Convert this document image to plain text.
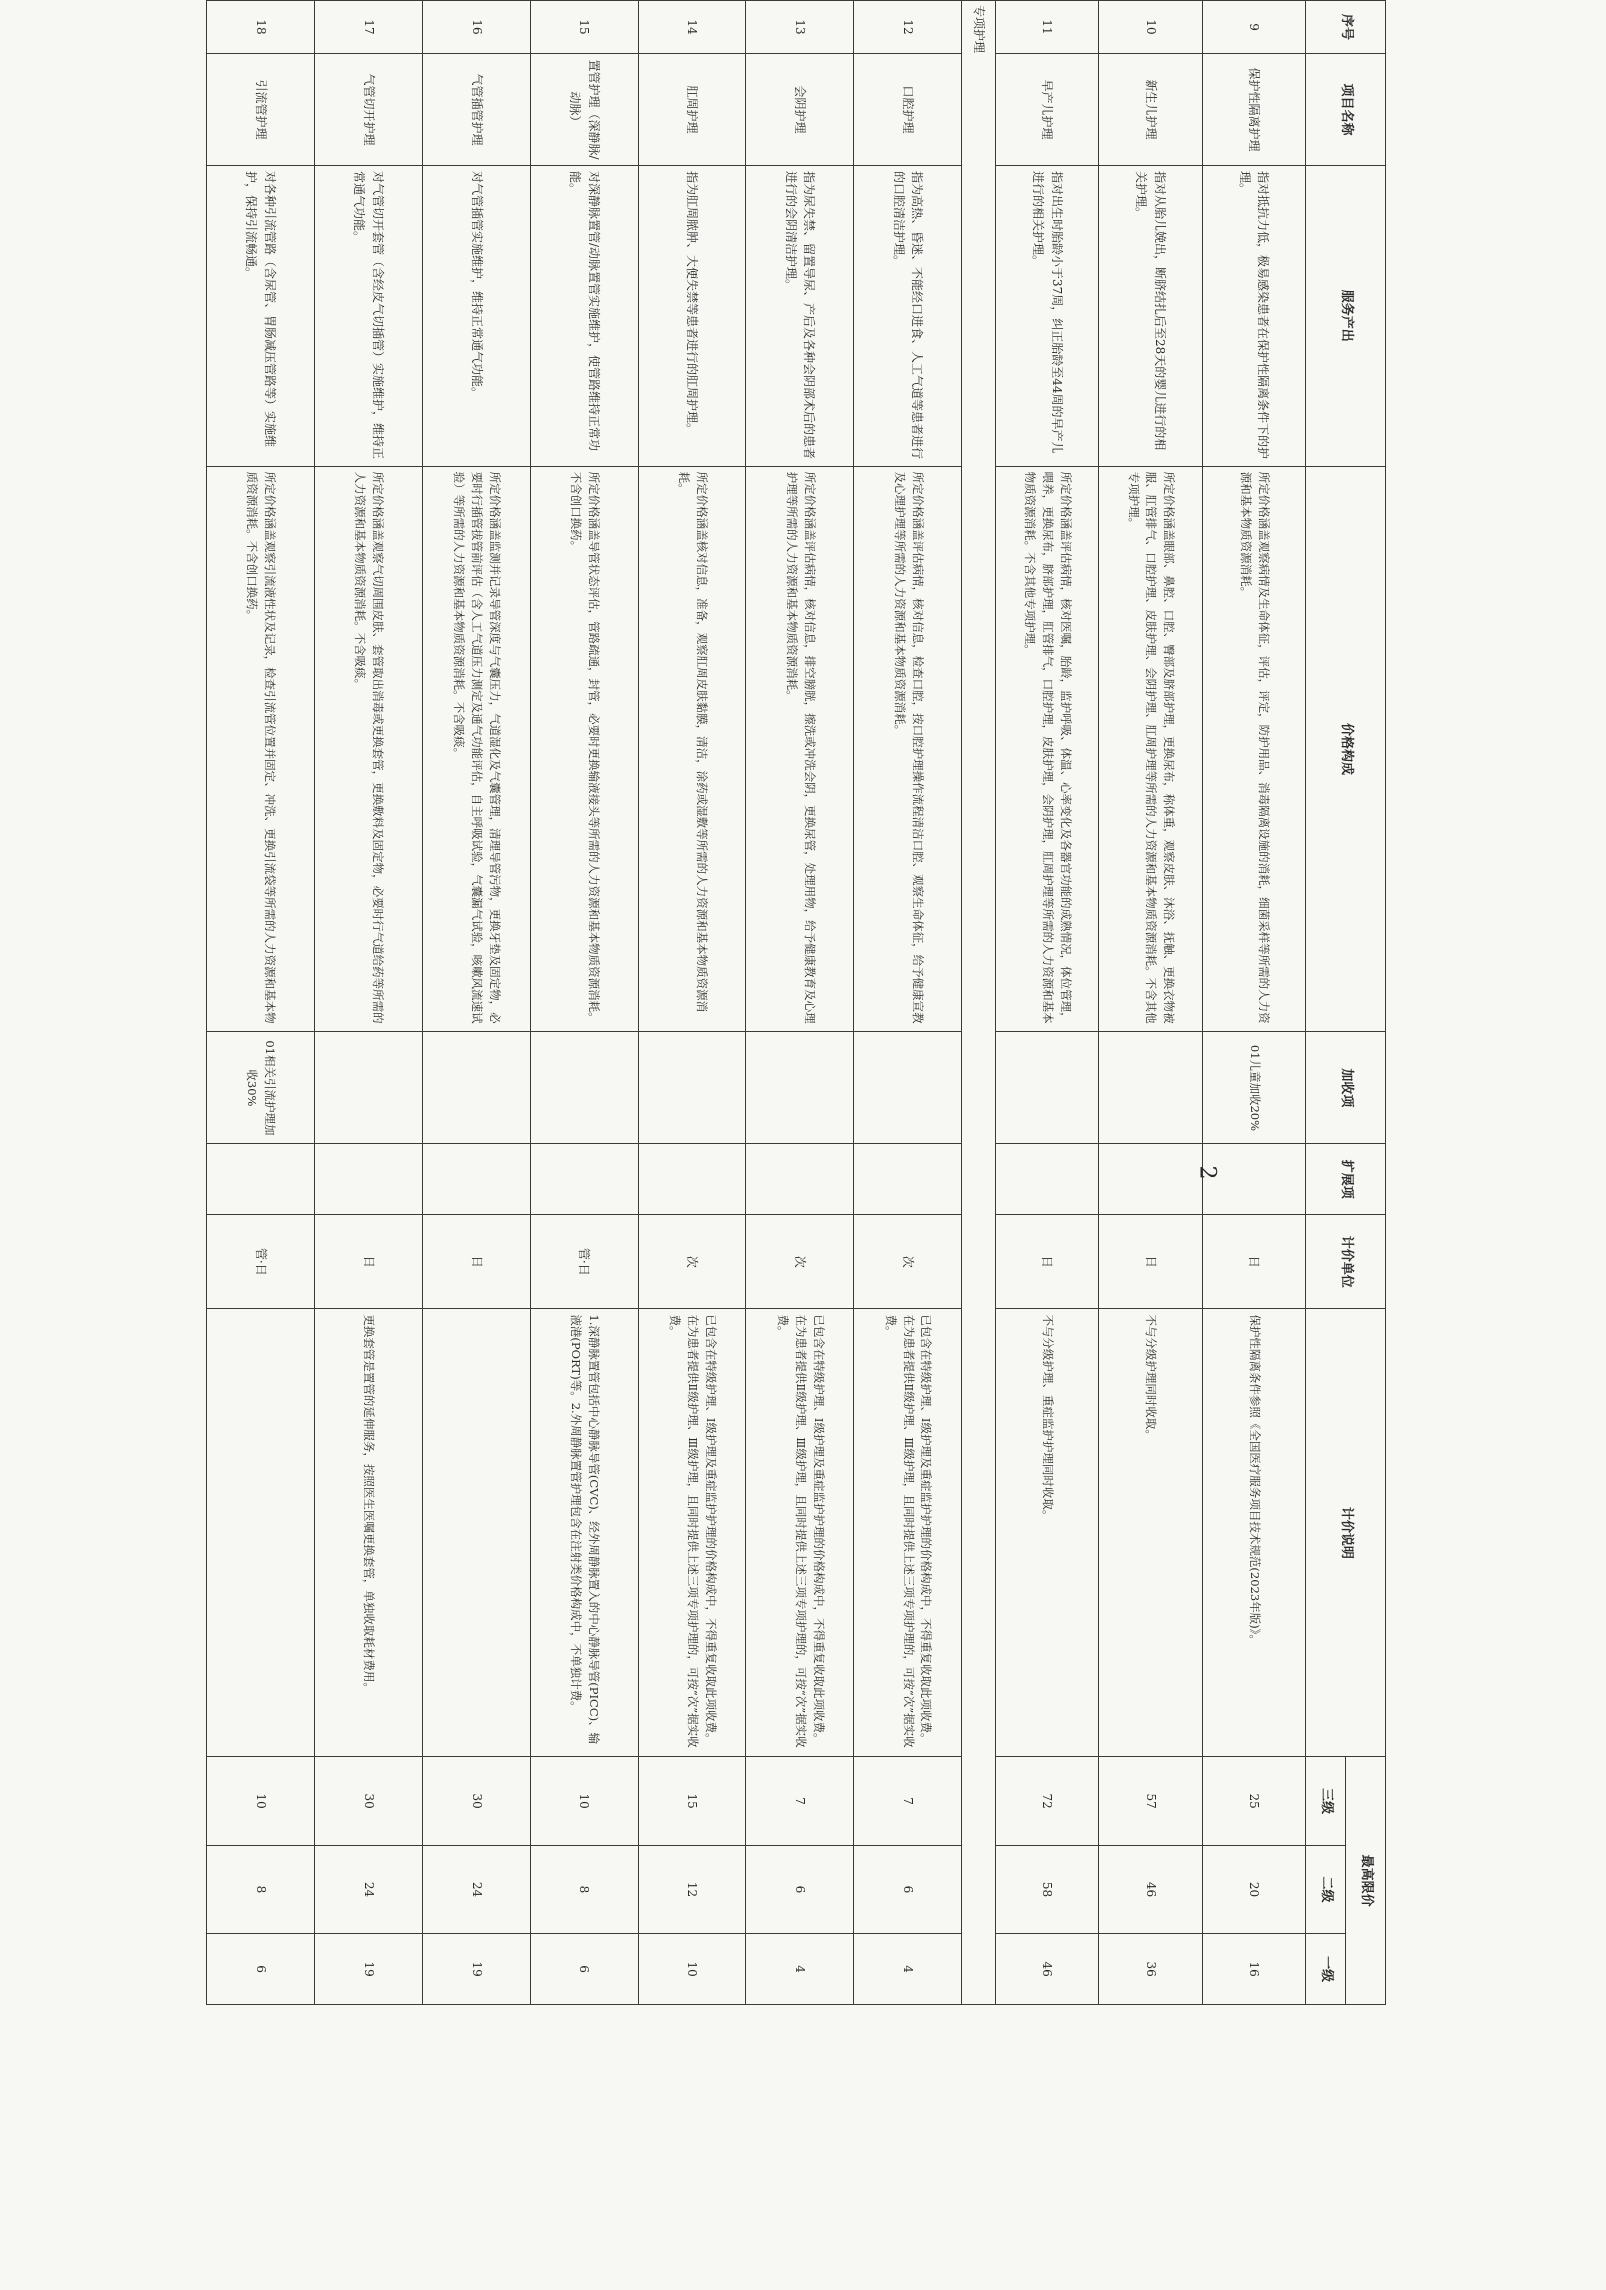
序号	项目名称	服务产出	价格构成	加收项	扩展项	计价单位	计价说明	最高限价		
								三级	二级	一级
9	保护性隔离护理	指对抵抗力低，极易感染患者在保护性隔离条件下的护理。	所定价格涵盖观察病情及生命体征，评估，评定，防护用品、消毒隔离设施的消耗，细菌采样等所需的人力资源和基本物质资源消耗。	01儿童加收20%		日	保护性隔离条件参照《全国医疗服务项目技术规范(2023年版)》。	25	20	16
10	新生儿护理	指对从胎儿娩出，断脐结扎后至28天的婴儿进行的相关护理。	所定价格涵盖眼部、鼻腔、口腔、臀部及脐部护理，更换尿布，称体重，观察皮肤、沐浴、抚触、更换衣物被服、肛管排气、口腔护理、皮肤护理、会阴护理、肛周护理等所需的人力资源和基本物质资源消耗。不含其他专项护理。			日	不与分级护理同时收取。	57	46	36
11	早产儿护理	指对出生时胎龄小于37周，纠正胎龄至44周的早产儿进行的相关护理。	所定价格涵盖评估病情，核对医嘱，胎龄，监护呼吸、体温、心率变化及各器官功能的成熟情况，体位管理，喂养，更换尿布，脐部护理，肛管排气，口腔护理，皮肤护理，会阴护理，肛周护理等所需的人力资源和基本物质资源消耗。不含其他专项护理。			日	不与分级护理、重症监护护理同时收取。	72	58	46
专项护理										
12	口腔护理	指为高热、昏迷、不能经口进食、人工气道等患者进行的口腔清洁护理。	所定价格涵盖评估病情，核对信息，检查口腔，按口腔护理操作流程清洁口腔、观察生命体征，给予健康宣教及心理护理等所需的人力资源和基本物质资源消耗。			次	已包含在特级护理、Ⅰ级护理及重症监护护理的价格构成中，不得重复收取此项收费。在为患者提供Ⅱ级护理、Ⅲ级护理，且同时提供上述三项专项护理的，可按“次”据实收费。	7	6	4
13	会阴护理	指为尿失禁、留置导尿、产后及各种会阴部术后的患者进行的会阴清洁护理。	所定价格涵盖评估病情，核对信息，排空膀胱，擦洗或冲洗会阴，更换尿管，处理用物，给予健康教育及心理护理等所需的人力资源和基本物质资源消耗。			次	已包含在特级护理、Ⅰ级护理及重症监护护理的价格构成中，不得重复收取此项收费。在为患者提供Ⅱ级护理、Ⅲ级护理，且同时提供上述三项专项护理的，可按“次”据实收费。	7	6	4
14	肛周护理	指为肛周脓肿、大便失禁等患者进行的肛周护理。	所定价格涵盖核对信息，准备，观察肛周皮肤黏膜，清洁，涂药或湿敷等所需的人力资源和基本物质资源消耗。			次	已包含在特级护理、Ⅰ级护理及重症监护护理的价格构成中，不得重复收取此项收费。在为患者提供Ⅱ级护理、Ⅲ级护理，且同时提供上述三项专项护理的，可按“次”据实收费。	15	12	10
15	置管护理（深静脉/动脉）	对深静脉置管/动脉置管实施维护，使管路维持正常功能。	所定价格涵盖导管状态评估，管路疏通，封管，必要时更换输液接头等所需的人力资源和基本物质资源消耗。不含创口换药。			管·日	1.深静脉置管包括中心静脉导管(CVC)、经外周静脉置入的中心静脉导管(PICC)、输液港(PORT)等。2.外周静脉置管护理包含在注射类价格构成中，不单独计费。	10	8	6
16	气管插管护理	对气管插管实施维护，维持正常通气功能。	所定价格涵盖监测并记录导管深度与气囊压力，气道湿化及气囊管理，清理导管污物，更换牙垫及固定物，必要时行插管拔管前评估（含人工气道压力测定及通气功能评估，自主呼吸试验，气囊漏气试验，咳嗽风流速试验）等所需的人力资源和基本物质资源消耗。不含吸痰。			日		30	24	19
17	气管切开护理	对气管切开套管（含经皮气切插管）实施维护，维持正常通气功能。	所定价格涵盖观察气切周围皮肤、套管取出消毒或更换套管，更换敷料及固定物，必要时行气道给药等所需的人力资源和基本物质资源消耗。不含吸痰。			日	更换套管是置管的延伸服务，按照医生医嘱更换套管，单独收取耗材费用。	30	24	19
18	引流管护理	对各种引流管路（含尿管、胃肠减压管路等）实施维护，保持引流畅通。	所定价格涵盖观察引流液性状及记录，检查引流管位置并固定、冲洗、更换引流袋等所需的人力资源和基本物质资源消耗。不含创口换药。	01相关引流护理加收30%		管·日		10	8	6
2
